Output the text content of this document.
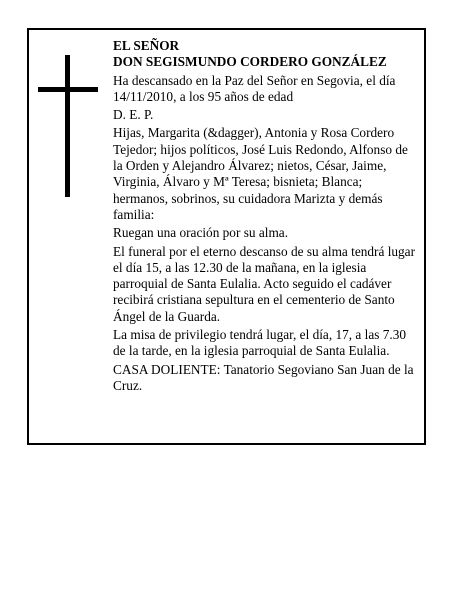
EL SEÑOR
DON SEGISMUNDO CORDERO GONZÁLEZ

Ha descansado en la Paz del Señor en Segovia, el día 14/11/2010, a los 95 años de edad

D. E. P.

Hijas, Margarita (&dagger), Antonia y Rosa Cordero Tejedor; hijos políticos, José Luis Redondo, Alfonso de la Orden y Alejandro Álvarez; nietos, César, Jaime, Virginia, Álvaro y Mª Teresa; bisnieta; Blanca; hermanos, sobrinos, su cuidadora Marizta y demás familia:

Ruegan una oración por su alma.

El funeral por el eterno descanso de su alma tendrá lugar el día 15, a las 12.30 de la mañana, en la iglesia parroquial de Santa Eulalia. Acto seguido el cadáver recibirá cristiana sepultura en el cementerio de Santo Ángel de la Guarda.

La misa de privilegio tendrá lugar, el día, 17, a las 7.30 de la tarde, en la iglesia parroquial de Santa Eulalia.

CASA DOLIENTE: Tanatorio Segoviano San Juan de la Cruz.
